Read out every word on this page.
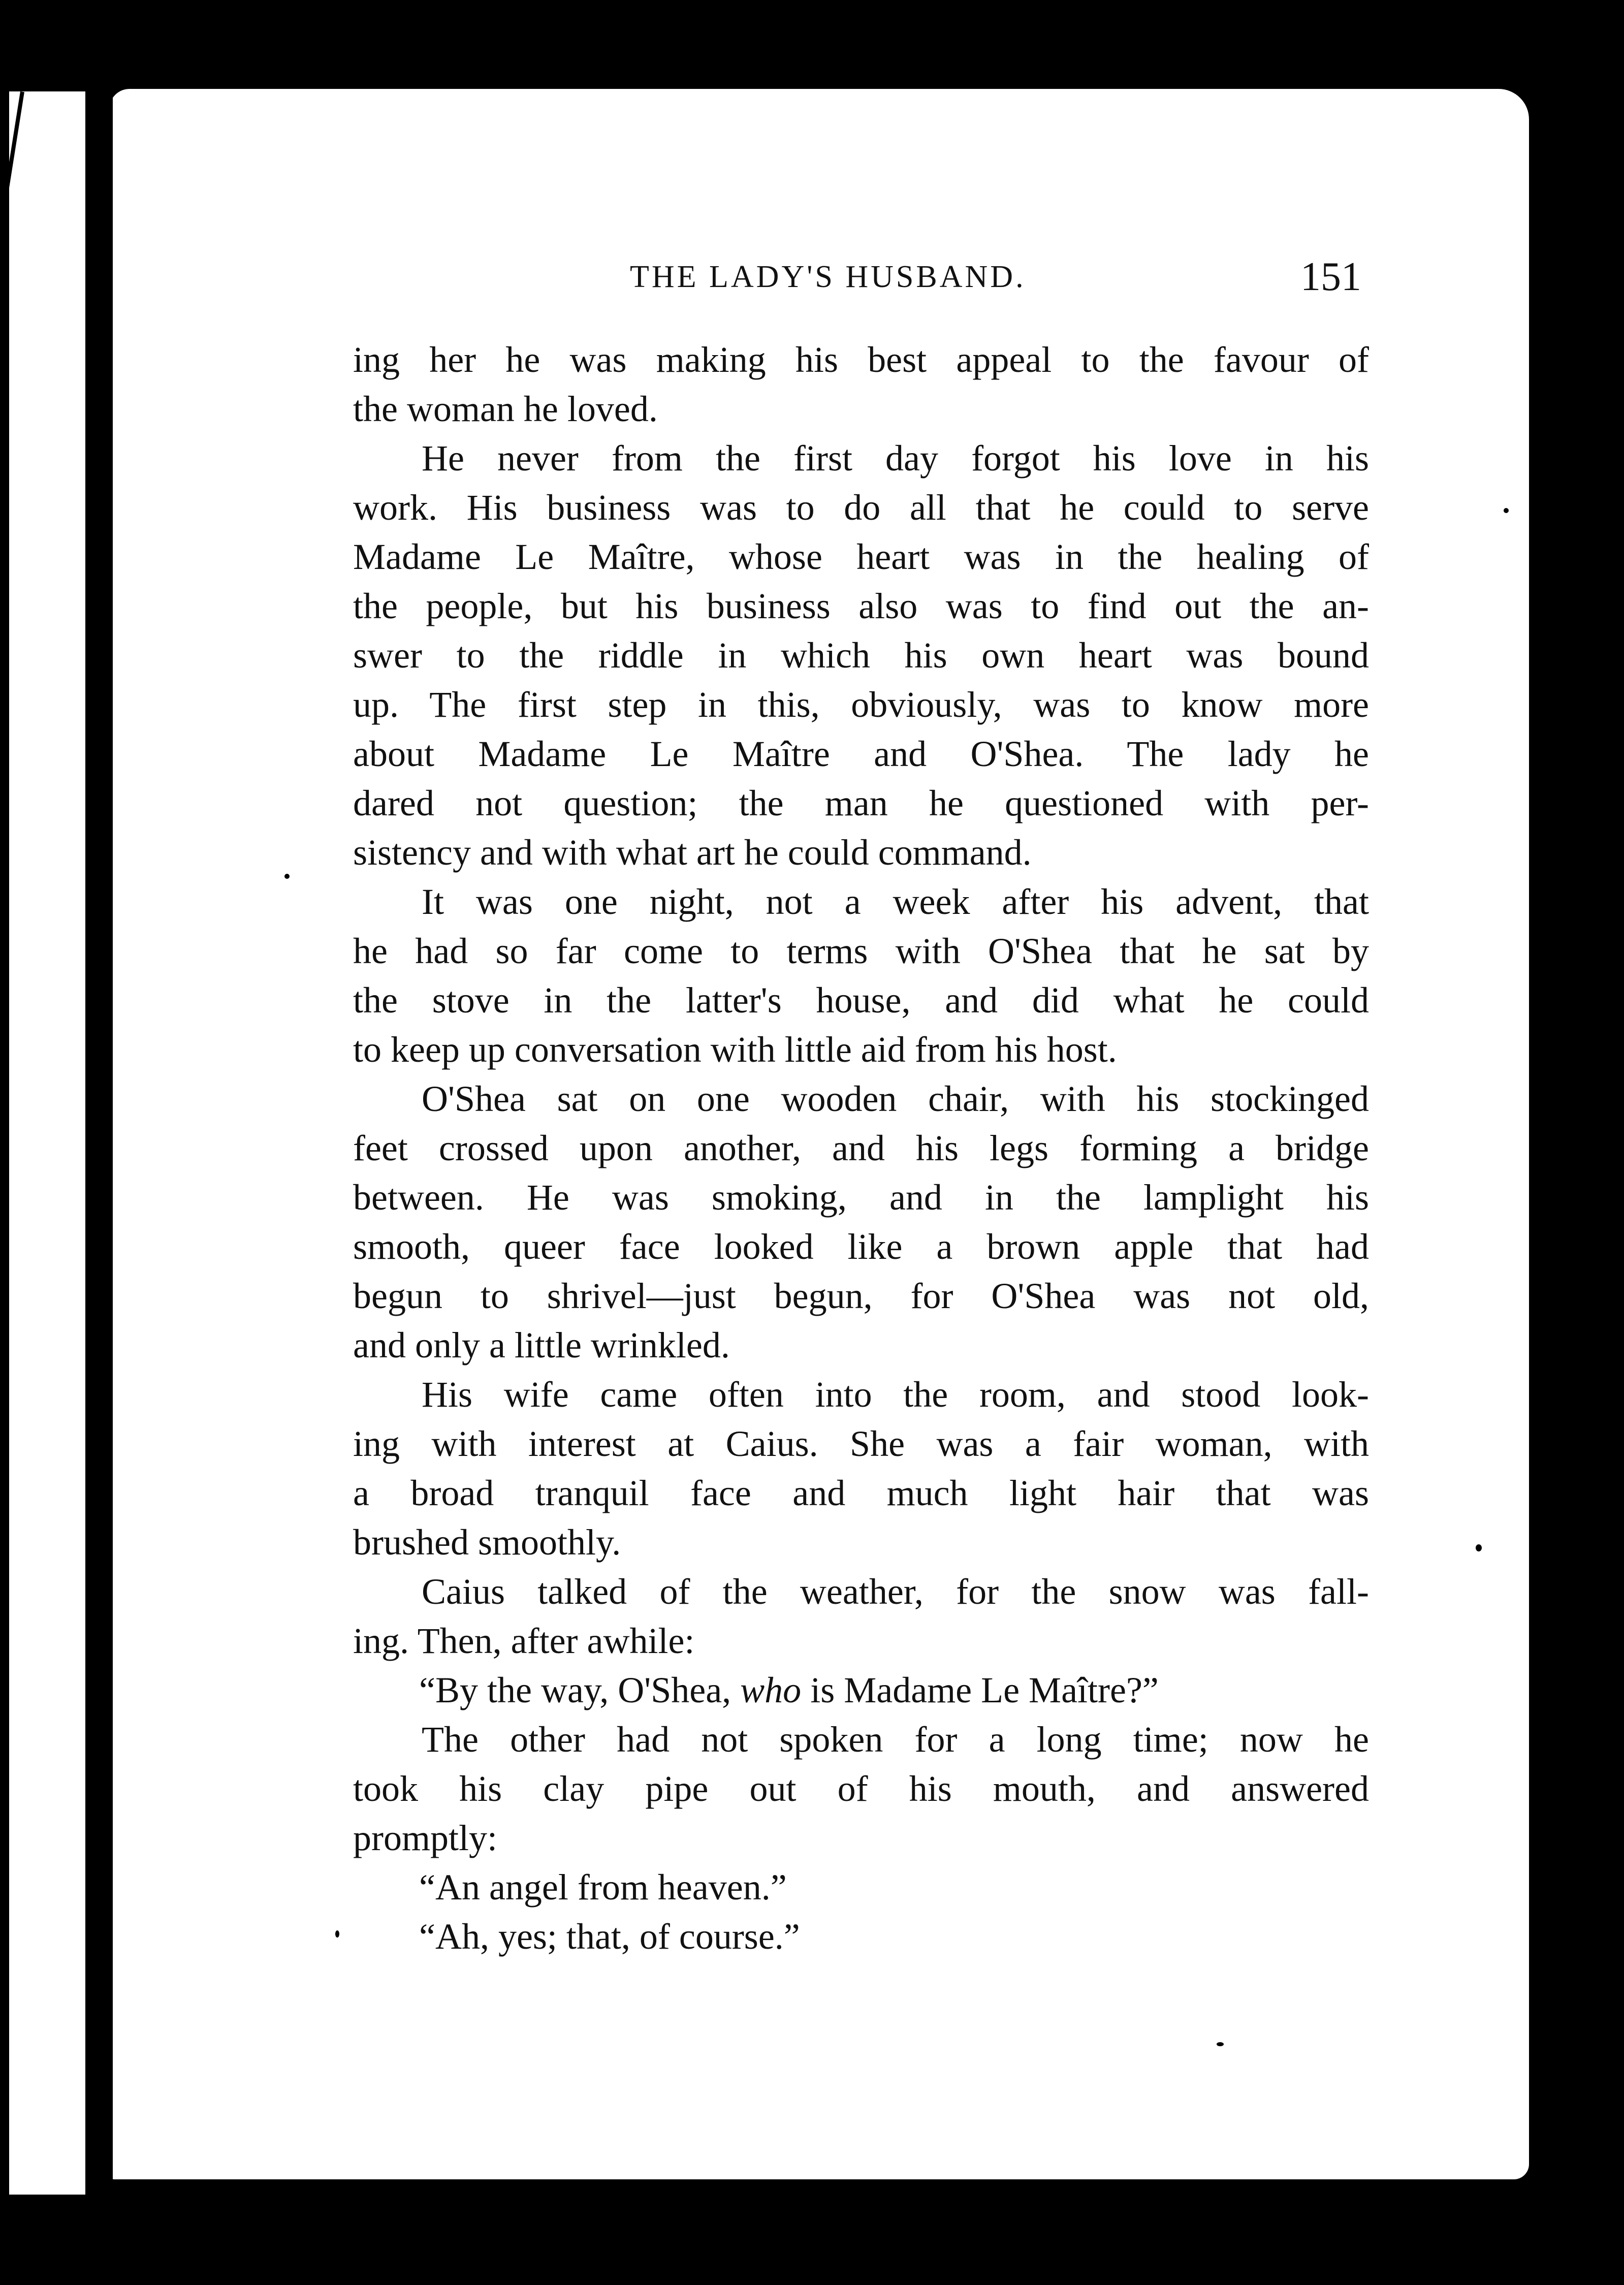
THE LADY'S HUSBAND.	151
ing her he was making his best appeal to the favour of
the woman he loved.
He never from the first day forgot his love in his
work. His business was to do all that he could to serve
Madame Le Maître, whose heart was in the healing of
the people, but his business also was to find out the an-
swer to the riddle in which his own heart was bound
up. The first step in this, obviously, was to know more
about Madame Le Maître and O'Shea. The lady he
dared not question; the man he questioned with per-
sistency and with what art he could command.
It was one night, not a week after his advent, that
he had so far come to terms with O'Shea that he sat by
the stove in the latter's house, and did what he could
to keep up conversation with little aid from his host.
O'Shea sat on one wooden chair, with his stockinged
feet crossed upon another, and his legs forming a bridge
between. He was smoking, and in the lamplight his
smooth, queer face looked like a brown apple that had
begun to shrivel—just begun, for O'Shea was not old,
and only a little wrinkled.
His wife came often into the room, and stood look-
ing with interest at Caius. She was a fair woman, with
a broad tranquil face and much light hair that was
brushed smoothly.
Caius talked of the weather, for the snow was fall-
ing. Then, after awhile:
“By the way, O'Shea, who is Madame Le Maître?”
The other had not spoken for a long time; now he
took his clay pipe out of his mouth, and answered
promptly:
“An angel from heaven.”
“Ah, yes; that, of course.”
